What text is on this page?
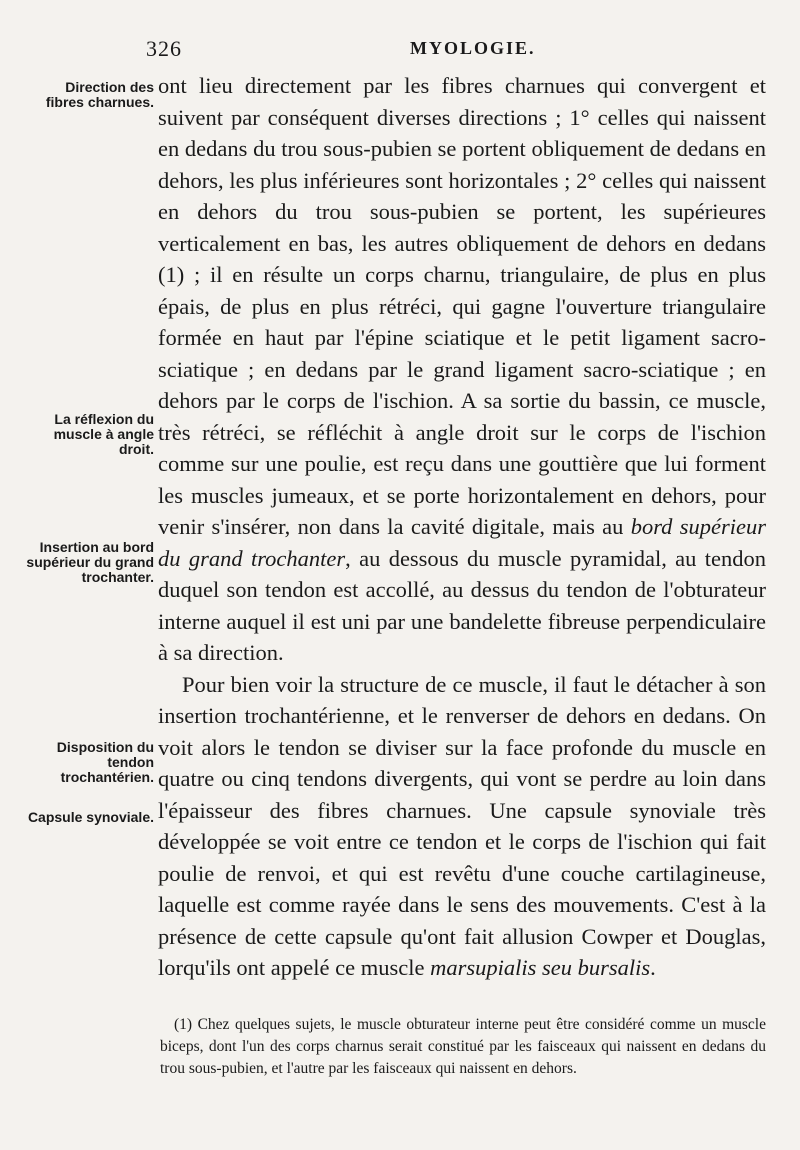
326	MYOLOGIE.
Direction des fibres charnues.
La réflexion du muscle à angle droit.
Insertion au bord supérieur du grand trochanter.
Disposition du tendon trochantérien.
Capsule synoviale.

ont lieu directement par les fibres charnues qui convergent et suivent par conséquent diverses directions ; 1° celles qui naissent en dedans du trou sous-pubien se portent obliquement de dedans en dehors, les plus inférieures sont horizontales ; 2° celles qui naissent en dehors du trou sous-pubien se portent, les supérieures verticalement en bas, les autres obliquement de dehors en dedans (1) ; il en résulte un corps charnu, triangulaire, de plus en plus épais, de plus en plus rétréci, qui gagne l'ouverture triangulaire formée en haut par l'épine sciatique et le petit ligament sacro-sciatique ; en dedans par le grand ligament sacro-sciatique ; en dehors par le corps de l'ischion. A sa sortie du bassin, ce muscle, très rétréci, se réfléchit à angle droit sur le corps de l'ischion comme sur une poulie, est reçu dans une gouttière que lui forment les muscles jumeaux, et se porte horizontalement en dehors, pour venir s'insérer, non dans la cavité digitale, mais au bord supérieur du grand trochanter, au dessous du muscle pyramidal, au tendon duquel son tendon est accollé, au dessus du tendon de l'obturateur interne auquel il est uni par une bandelette fibreuse perpendiculaire à sa direction.

Pour bien voir la structure de ce muscle, il faut le détacher à son insertion trochantérienne, et le renverser de dehors en dedans. On voit alors le tendon se diviser sur la face profonde du muscle en quatre ou cinq tendons divergents, qui vont se perdre au loin dans l'épaisseur des fibres charnues. Une capsule synoviale très développée se voit entre ce tendon et le corps de l'ischion qui fait poulie de renvoi, et qui est revêtu d'une couche cartilagineuse, laquelle est comme rayée dans le sens des mouvements. C'est à la présence de cette capsule qu'ont fait allusion Cowper et Douglas, lorqu'ils ont appelé ce muscle marsupialis seu bursalis.

(1) Chez quelques sujets, le muscle obturateur interne peut être considéré comme un muscle biceps, dont l'un des corps charnus serait constitué par les faisceaux qui naissent en dedans du trou sous-pubien, et l'autre par les faisceaux qui naissent en dehors.
